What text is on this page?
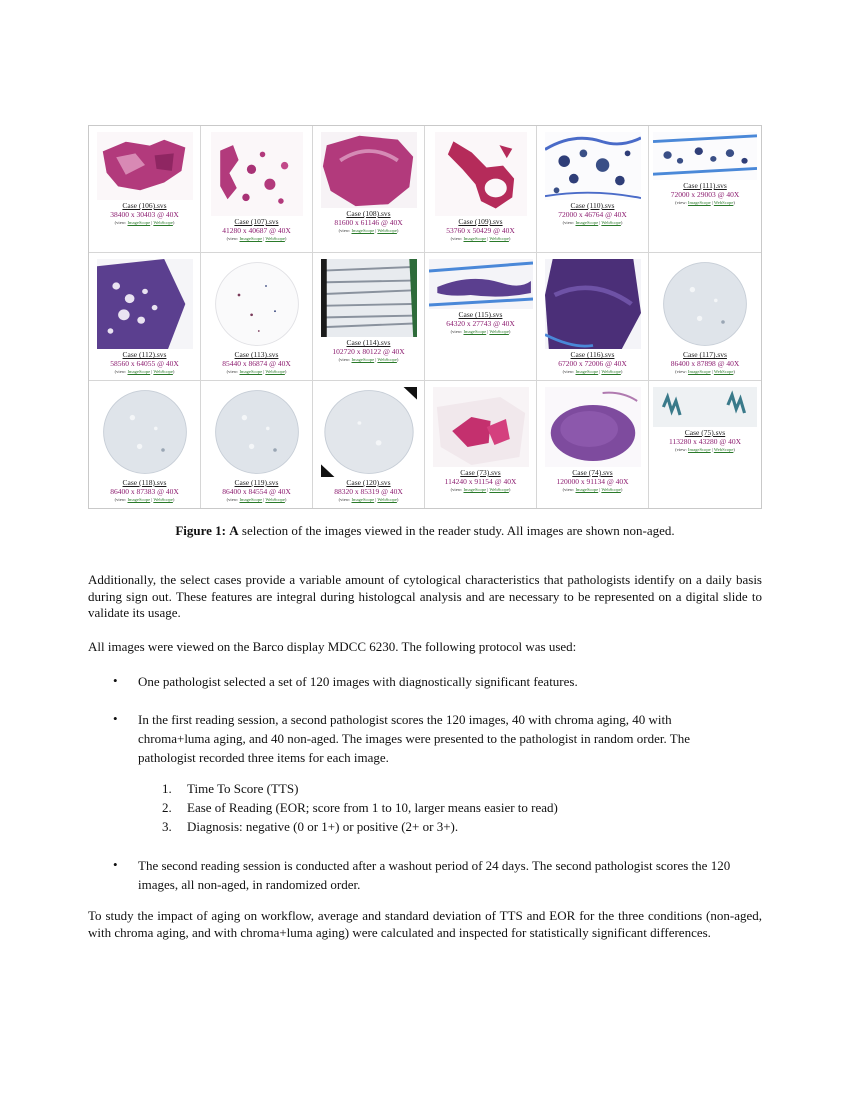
Case (106).svs
38400 x 30403 @ 40X
(view: ImageScope | WebScope)	Case (107).svs
41280 x 40687 @ 40X
(view: ImageScope | WebScope)
Case (108).svs
81600 x 61146 @ 40X
(view: ImageScope | WebScope)
Case (109).svs
53760 x 50429 @ 40X
(view: ImageScope | WebScope)
Case (110).svs
72000 x 46764 @ 40X
(view: ImageScope | WebScope)
Case (111).svs
72000 x 29003 @ 40X
(view: ImageScope | WebScope)
Case (112).svs
58560 x 64055 @ 40X
(view: ImageScope | WebScope)
Case (113).svs
85440 x 86874 @ 40X
(view: ImageScope | WebScope)
Case (114).svs
102720 x 80122 @ 40X
(view: ImageScope | WebScope)
Case (115).svs
64320 x 27743 @ 40X
(view: ImageScope | WebScope)
Case (116).svs
67200 x 72006 @ 40X
(view: ImageScope | WebScope)
Case (117).svs
86400 x 87898 @ 40X
(view: ImageScope | WebScope)
Case (118).svs
86400 x 87383 @ 40X
(view: ImageScope | WebScope)
Case (119).svs
86400 x 84554 @ 40X
(view: ImageScope | WebScope)
Case (120).svs
88320 x 85319 @ 40X
(view: ImageScope | WebScope)
Case (73).svs
114240 x 91154 @ 40X
(view: ImageScope | WebScope)
Case (74).svs
120000 x 91134 @ 40X
(view: ImageScope | WebScope)
Case (75).svs
113280 x 43280 @ 40X
(view: ImageScope | WebScope)
Figure 1: A selection of the images viewed in the reader study. All images are shown non-aged.

Additionally, the select cases provide a variable amount of cytological characteristics that pathologists identify on a daily basis during sign out. These features are integral during histologcal analysis and are necessary to be represented on a digital slide to validate its usage.

All images were viewed on the Barco display MDCC 6230. The following protocol was used:

• One pathologist selected a set of 120 images with diagnostically significant features.

• In the first reading session, a second pathologist scores the 120 images, 40 with chroma aging, 40 with chroma+luma aging, and 40 non-aged. The images were presented to the pathologist in random order. The pathologist recorded three items for each image.

1. Time To Score (TTS)
2. Ease of Reading (EOR; score from 1 to 10, larger means easier to read)
3. Diagnosis: negative (0 or 1+) or positive (2+ or 3+).
• The second reading session is conducted after a washout period of 24 days. The second pathologist scores the 120 images, all non-aged, in randomized order.

To study the impact of aging on workflow, average and standard deviation of TTS and EOR for the three conditions (non-aged, with chroma aging, and with chroma+luma aging) were calculated and inspected for statistically significant differences.
